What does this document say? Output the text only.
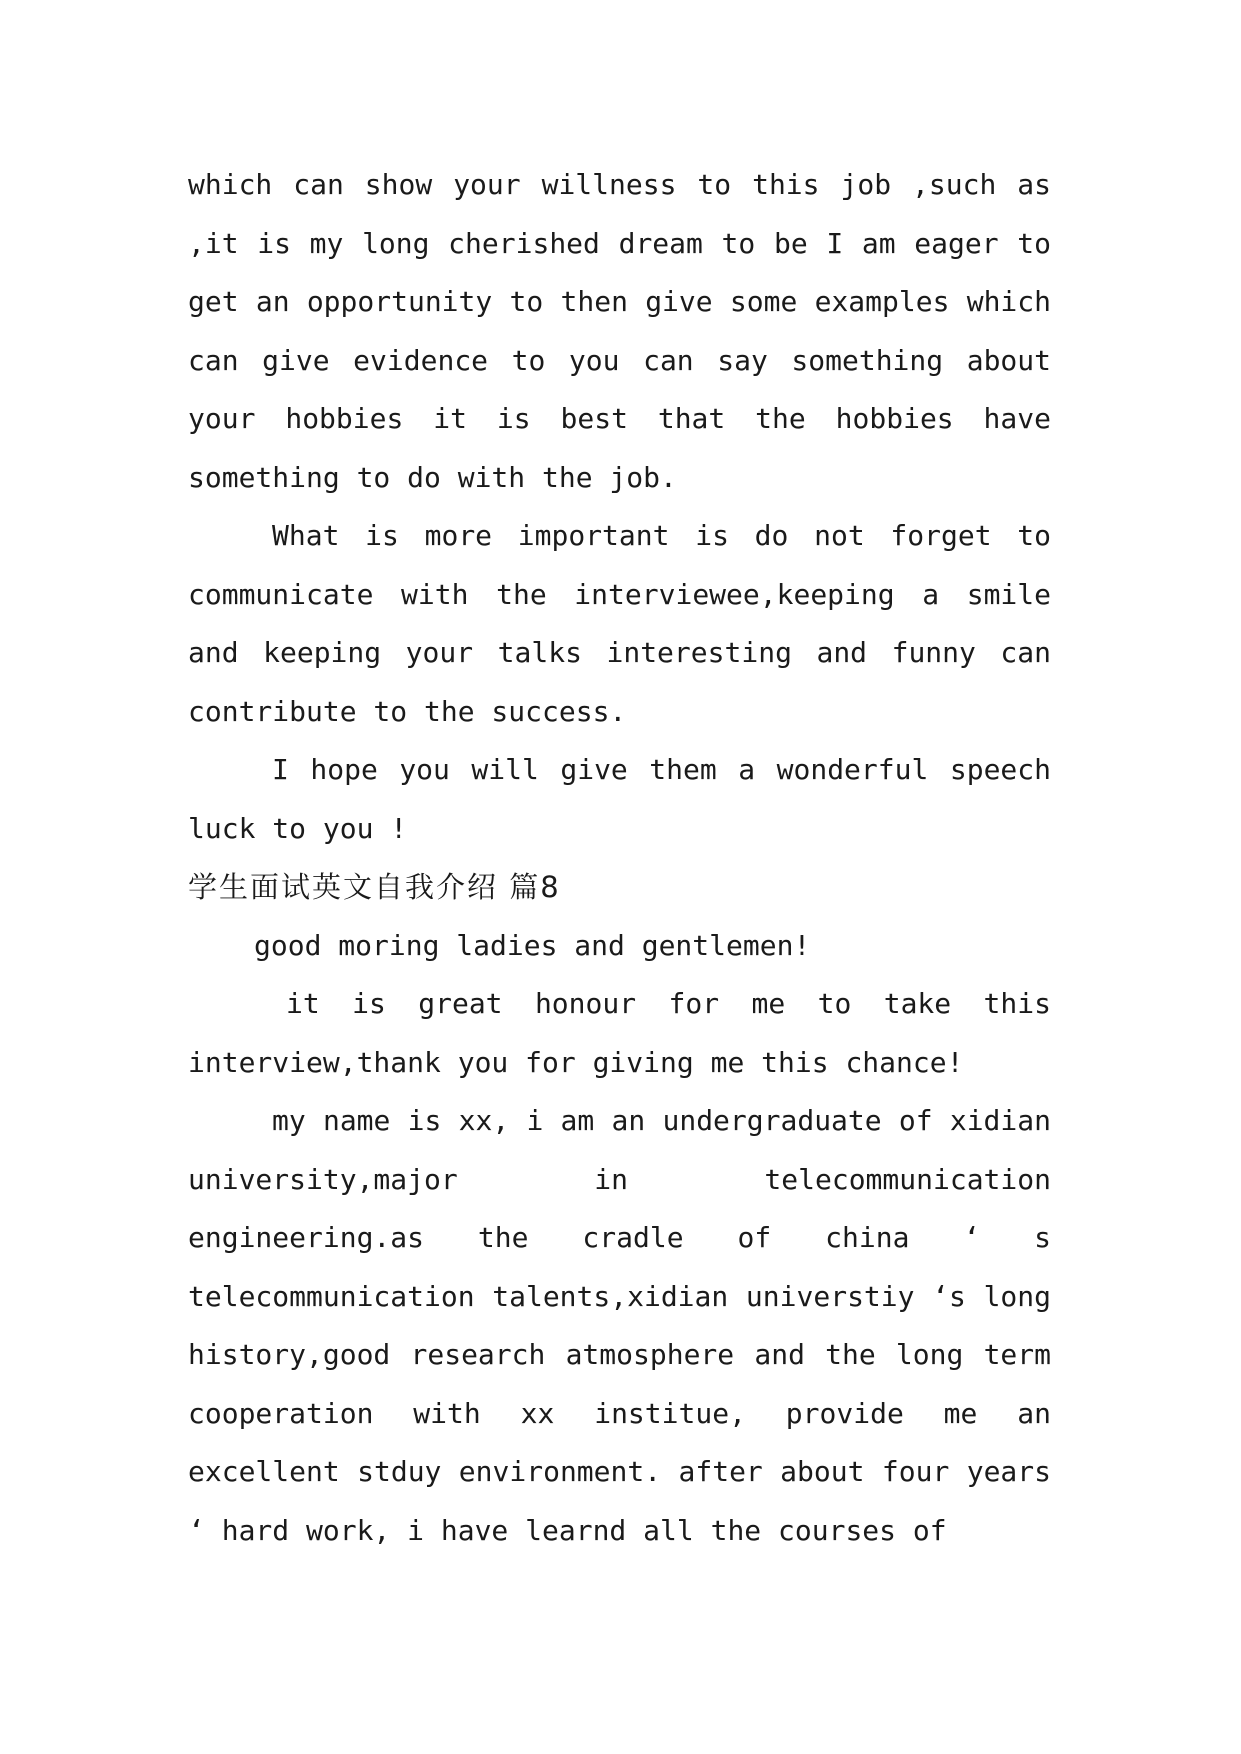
which can show your willness to this job ,such as ,it is my long cherished dream to be I am eager to get an opportunity to then give some examples which can give evidence to you can say something about your hobbies it is best that the hobbies have something to do with the job.

What is more important is do not forget to communicate with the interviewee,keeping a smile and keeping your talks interesting and funny can contribute to the success.

I hope you will give them a wonderful speech luck to you !

学生面试英文自我介绍 篇8

good moring ladies and gentlemen!

it is great honour for me to take this interview,thank you for giving me this chance!

my name is xx, i am an undergraduate of xidian university,major in telecommunication engineering.as the cradle of china ‘ s telecommunication talents,xidian universtiy ‘s long history,good research atmosphere and the long term cooperation with xx institue, provide me an excellent stduy environment. after about four years ‘ hard work, i have learnd all the courses of
